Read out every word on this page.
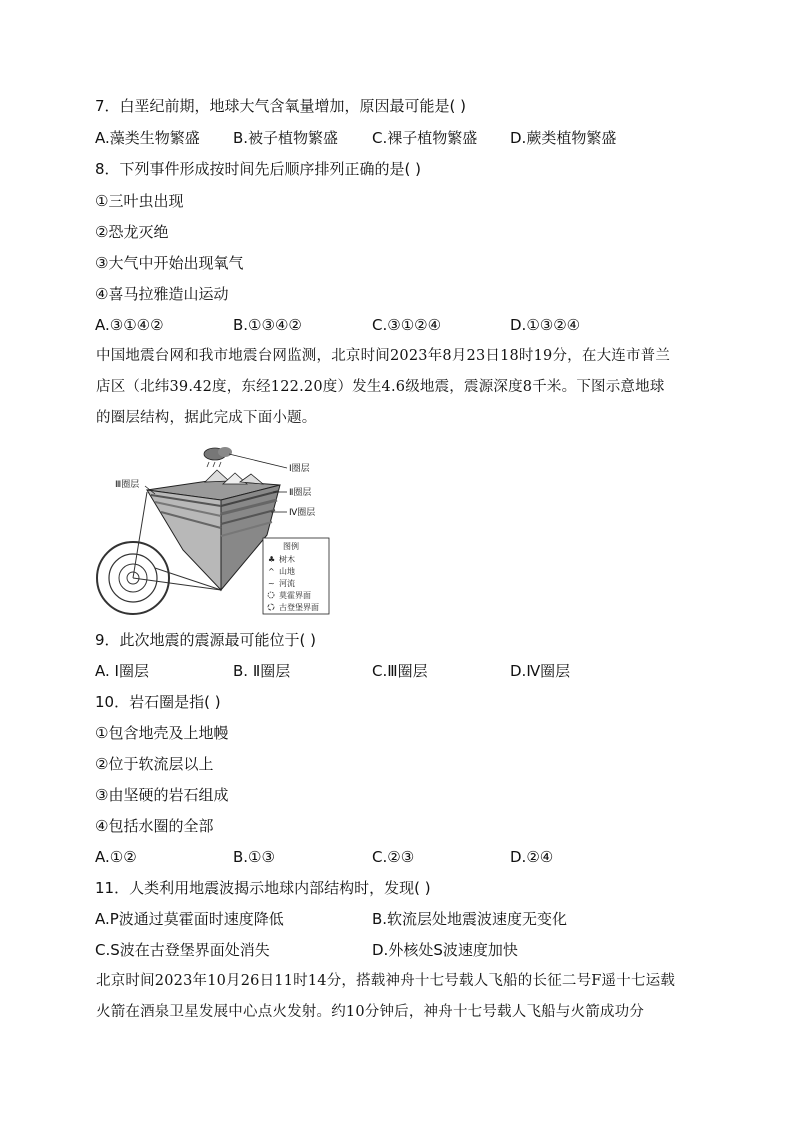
7．白垩纪前期，地球大气含氧量增加，原因最可能是( )
A.藻类生物繁盛 B.被子植物繁盛 C.裸子植物繁盛 D.蕨类植物繁盛
8．下列事件形成按时间先后顺序排列正确的是( )
①三叶虫出现
②恐龙灭绝
③大气中开始出现氧气
④喜马拉雅造山运动
A.③①④②	B.①③④②	C.③①②④	D.①③②④
中国地震台网和我市地震台网监测，北京时间2023年8月23日18时19分，在大连市普兰
店区（北纬39.42度，东经122.20度）发生4.6级地震，震源深度8千米。下图示意地球
的圈层结构，据此完成下面小题。
Ⅰ圈层
Ⅱ圈层
Ⅲ圈层
Ⅳ圈层
图例
♣ 树木
^ 山地
~ 河流
莫霍界面
古登堡界面
9．此次地震的震源最可能位于( )
A. Ⅰ圈层	B. Ⅱ圈层	C.Ⅲ圈层	D.Ⅳ圈层
10．岩石圈是指( )
①包含地壳及上地幔
②位于软流层以上
③由坚硬的岩石组成
④包括水圈的全部
A.①②	B.①③	C.②③	D.②④
11．人类利用地震波揭示地球内部结构时，发现( )
A.P波通过莫霍面时速度降低	B.软流层处地震波速度无变化
C.S波在古登堡界面处消失	D.外核处S波速度加快
北京时间2023年10月26日11时14分，搭载神舟十七号载人飞船的长征二号F遥十七运载
火箭在酒泉卫星发展中心点火发射。约10分钟后，神舟十七号载人飞船与火箭成功分
